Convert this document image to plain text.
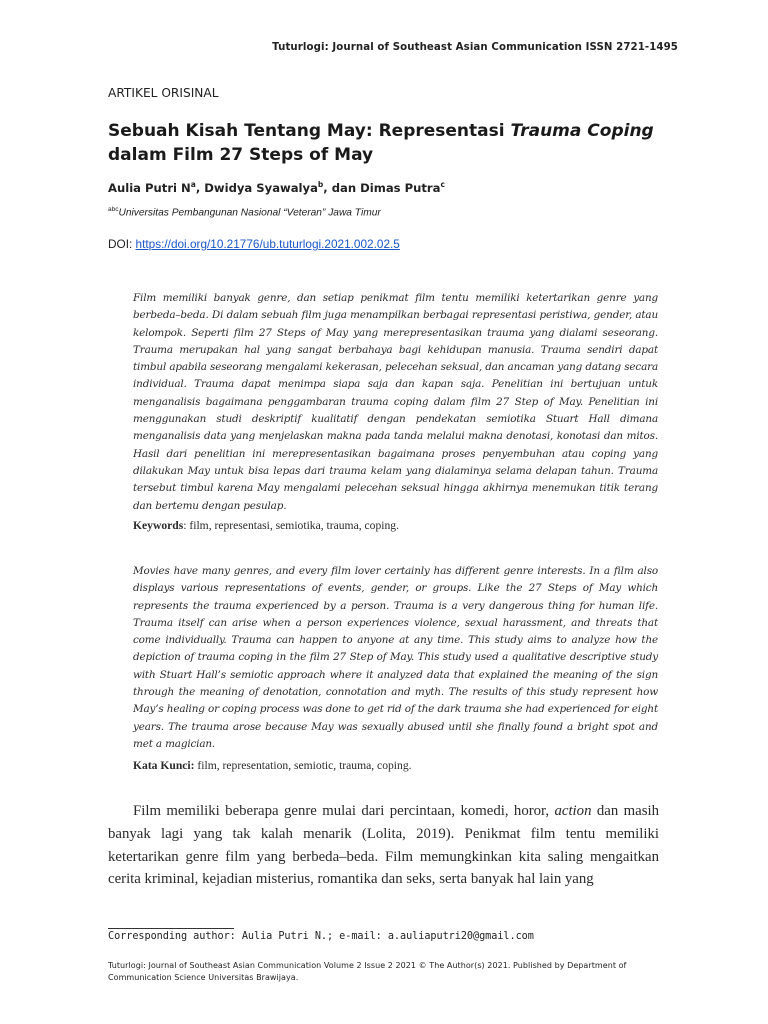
Tuturlogi: Journal of Southeast Asian Communication ISSN 2721-1495
ARTIKEL ORISINAL
Sebuah Kisah Tentang May: Representasi Trauma Coping dalam Film 27 Steps of May
Aulia Putri $N^a$, Dwidya Syawalya$^b$, dan Dimas Putra$^c$
$^{abc}$Universitas Pembangunan Nasional “Veteran” Jawa Timur
DOI: https://doi.org/10.21776/ub.tuturlogi.2021.002.02.5

Film memiliki banyak genre, dan setiap penikmat film tentu memiliki ketertarikan genre yang berbeda–beda. Di dalam sebuah film juga menampilkan berbagai representasi peristiwa, gender, atau kelompok. Seperti film 27 Steps of May yang merepresentasikan trauma yang dialami seseorang. Trauma merupakan hal yang sangat berbahaya bagi kehidupan manusia. Trauma sendiri dapat timbul apabila seseorang mengalami kekerasan, pelecehan seksual, dan ancaman yang datang secara individual. Trauma dapat menimpa siapa saja dan kapan saja. Penelitian ini bertujuan untuk menganalisis bagaimana penggambaran trauma coping dalam film 27 Step of May. Penelitian ini menggunakan studi deskriptif kualitatif dengan pendekatan semiotika Stuart Hall dimana menganalisis data yang menjelaskan makna pada tanda melalui makna denotasi, konotasi dan mitos. Hasil dari penelitian ini merepresentasikan bagaimana proses penyembuhan atau coping yang dilakukan May untuk bisa lepas dari trauma kelam yang dialaminya selama delapan tahun. Trauma tersebut timbul karena May mengalami pelecehan seksual hingga akhirnya menemukan titik terang dan bertemu dengan pesulap.

Keywords: film, representasi, semiotika, trauma, coping.

Movies have many genres, and every film lover certainly has different genre interests. In a film also displays various representations of events, gender, or groups. Like the 27 Steps of May which represents the trauma experienced by a person. Trauma is a very dangerous thing for human life. Trauma itself can arise when a person experiences violence, sexual harassment, and threats that come individually. Trauma can happen to anyone at any time. This study aims to analyze how the depiction of trauma coping in the film 27 Step of May. This study used a qualitative descriptive study with Stuart Hall’s semiotic approach where it analyzed data that explained the meaning of the sign through the meaning of denotation, connotation and myth. The results of this study represent how May’s healing or coping process was done to get rid of the dark trauma she had experienced for eight years. The trauma arose because May was sexually abused until she finally found a bright spot and met a magician.

Kata Kunci: film, representation, semiotic, trauma, coping.

Film memiliki beberapa genre mulai dari percintaan, komedi, horor, action dan masih banyak lagi yang tak kalah menarik (Lolita, 2019). Penikmat film tentu memiliki ketertarikan genre film yang berbeda–beda. Film memungkinkan kita saling mengaitkan cerita kriminal, kejadian misterius, romantika dan seks, serta banyak hal lain yang

Corresponding author: Aulia Putri N.; e-mail: a.auliaputri20@gmail.com
Tuturlogi: Journal of Southeast Asian Communication Volume 2 Issue 2 2021 © The Author(s) 2021. Published by Department of Communication Science Universitas Brawijaya.
